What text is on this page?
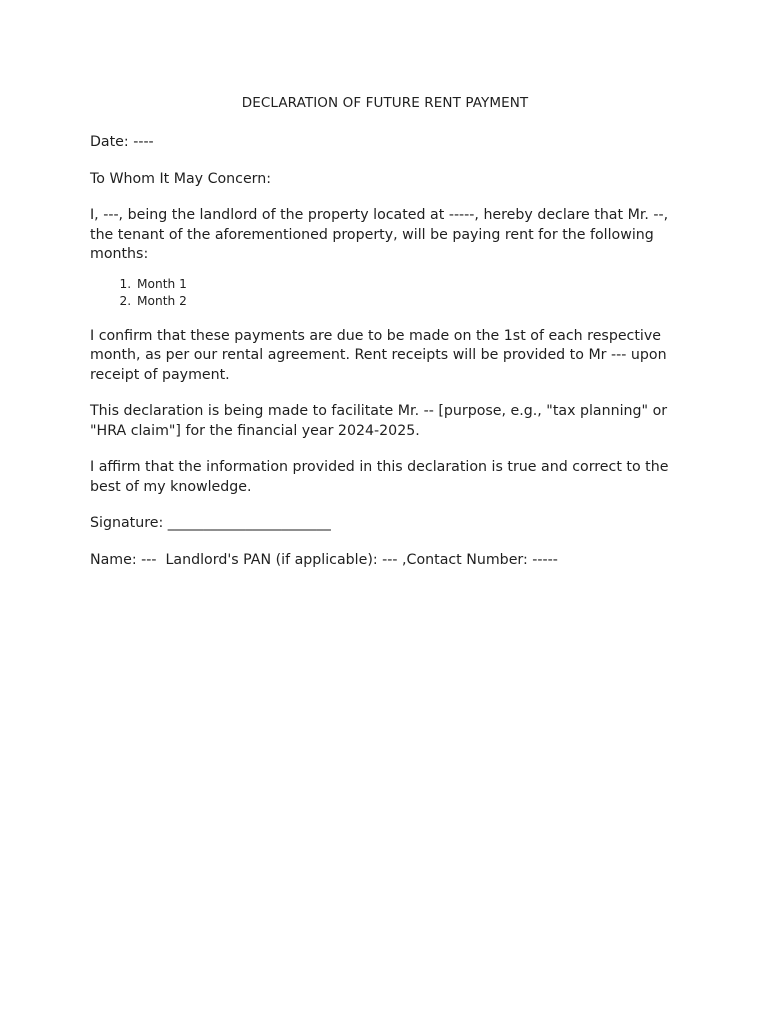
DECLARATION OF FUTURE RENT PAYMENT

Date: ----

To Whom It May Concern:

I, ---, being the landlord of the property located at -----, hereby declare that Mr. --, the tenant of the aforementioned property, will be paying rent for the following months:

1. Month 1
2. Month 2

I confirm that these payments are due to be made on the 1st of each respective month, as per our rental agreement. Rent receipts will be provided to Mr --- upon receipt of payment.

This declaration is being made to facilitate Mr. -- [purpose, e.g., "tax planning" or "HRA claim"] for the financial year 2024-2025.

I affirm that the information provided in this declaration is true and correct to the best of my knowledge.

Signature: _______________________

Name: ---  Landlord's PAN (if applicable): --- ,Contact Number: -----
